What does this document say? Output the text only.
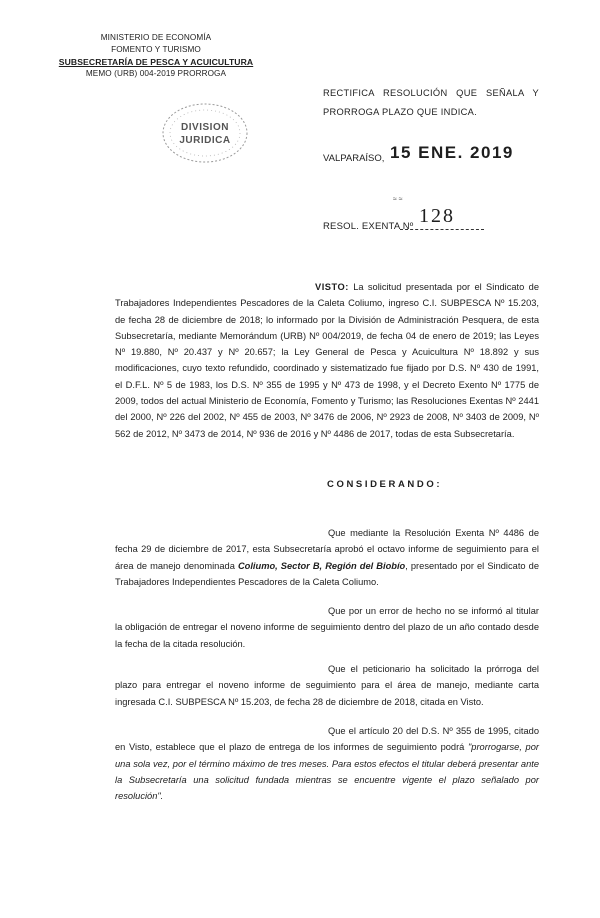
MINISTERIO DE ECONOMÍA
FOMENTO Y TURISMO
SUBSECRETARÍA DE PESCA Y ACUICULTURA
MEMO (URB) 004-2019 PRORROGA
DIVISION
JURIDICA
RECTIFICA RESOLUCIÓN QUE SEÑALA Y PRORROGA PLAZO QUE INDICA.
VALPARAÍSO, 15 ENE. 2019
≈ ≈
RESOL. EXENTA Nº 128
VISTO: La solicitud presentada por el Sindicato de Trabajadores Independientes Pescadores de la Caleta Coliumo, ingreso C.I. SUBPESCA Nº 15.203, de fecha 28 de diciembre de 2018; lo informado por la División de Administración Pesquera, de esta Subsecretaría, mediante Memorándum (URB) Nº 004/2019, de fecha 04 de enero de 2019; las Leyes Nº 19.880, Nº 20.437 y Nº 20.657; la Ley General de Pesca y Acuicultura Nº 18.892 y sus modificaciones, cuyo texto refundido, coordinado y sistematizado fue fijado por D.S. Nº 430 de 1991, el D.F.L. Nº 5 de 1983, los D.S. Nº 355 de 1995 y Nº 473 de 1998, y el Decreto Exento Nº 1775 de 2009, todos del actual Ministerio de Economía, Fomento y Turismo; las Resoluciones Exentas Nº 2441 del 2000, Nº 226 del 2002, Nº 455 de 2003, Nº 3476 de 2006, Nº 2923 de 2008, Nº 3403 de 2009, Nº 562 de 2012, Nº 3473 de 2014, Nº 936 de 2016 y Nº 4486 de 2017, todas de esta Subsecretaría.
CONSIDERANDO:
Que mediante la Resolución Exenta Nº 4486 de fecha 29 de diciembre de 2017, esta Subsecretaría aprobó el octavo informe de seguimiento para el área de manejo denominada Coliumo, Sector B, Región del Biobío, presentado por el Sindicato de Trabajadores Independientes Pescadores de la Caleta Coliumo.
Que por un error de hecho no se informó al titular la obligación de entregar el noveno informe de seguimiento dentro del plazo de un año contado desde la fecha de la citada resolución.
Que el peticionario ha solicitado la prórroga del plazo para entregar el noveno informe de seguimiento para el área de manejo, mediante carta ingresada C.I. SUBPESCA Nº 15.203, de fecha 28 de diciembre de 2018, citada en Visto.
Que el artículo 20 del D.S. Nº 355 de 1995, citado en Visto, establece que el plazo de entrega de los informes de seguimiento podrá "prorrogarse, por una sola vez, por el término máximo de tres meses. Para estos efectos el titular deberá presentar ante la Subsecretaría una solicitud fundada mientras se encuentre vigente el plazo señalado por resolución".
